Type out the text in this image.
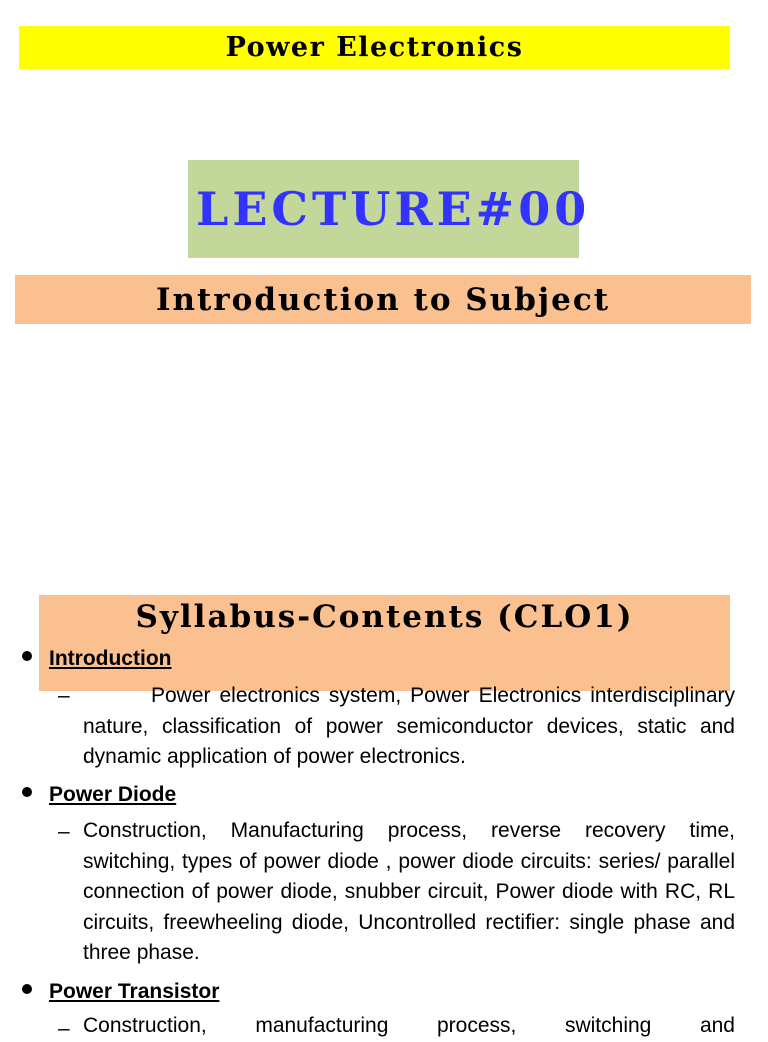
Power Electronics
LECTURE#00
Introduction to Subject
Syllabus-Contents (CLO1)
Introduction
–	Power electronics system, Power Electronics interdisciplinary nature, classification of power semiconductor devices, static and dynamic application of power electronics.

Power Diode
– Construction, Manufacturing process, reverse recovery time, switching, types of power diode , power diode circuits: series/ parallel connection of power diode, snubber circuit, Power diode with RC, RL circuits, freewheeling diode, Uncontrolled rectifier: single phase and three phase.

Power Transistor
– Construction, manufacturing process, switching and
